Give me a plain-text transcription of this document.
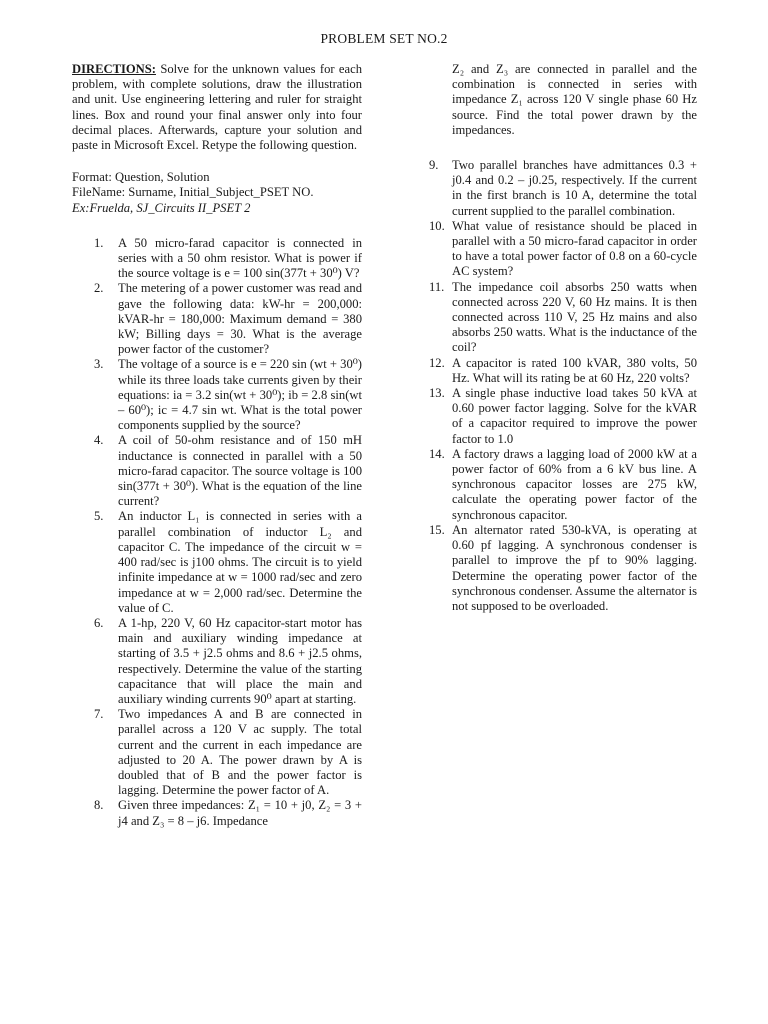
PROBLEM SET NO.2

DIRECTIONS: Solve for the unknown values for each problem, with complete solutions, draw the illustration and unit. Use engineering lettering and ruler for straight lines. Box and round your final answer only into four decimal places. Afterwards, capture your solution and paste in Microsoft Excel. Retype the following question.

Format: Question, Solution
FileName: Surname, Initial_Subject_PSET NO.
Ex:Fruelda, SJ_Circuits II_PSET 2
1. A 50 micro-farad capacitor is connected in series with a 50 ohm resistor. What is power if the source voltage is e = 100 sin(377t + 30⁰) V?
2. The metering of a power customer was read and gave the following data: kW-hr = 200,000: kVAR-hr = 180,000: Maximum demand = 380 kW; Billing days = 30. What is the average power factor of the customer?
3. The voltage of a source is e = 220 sin (wt + 30⁰) while its three loads take currents given by their equations: ia = 3.2 sin(wt + 30⁰); ib = 2.8 sin(wt – 60⁰); ic = 4.7 sin wt. What is the total power components supplied by the source?
4. A coil of 50-ohm resistance and of 150 mH inductance is connected in parallel with a 50 micro-farad capacitor. The source voltage is 100 sin(377t + 30⁰). What is the equation of the line current?
5. An inductor L₁ is connected in series with a parallel combination of inductor L₂ and capacitor C. The impedance of the circuit w = 400 rad/sec is j100 ohms. The circuit is to yield infinite impedance at w = 1000 rad/sec and zero impedance at w = 2,000 rad/sec. Determine the value of C.
6. A 1-hp, 220 V, 60 Hz capacitor-start motor has main and auxiliary winding impedance at starting of 3.5 + j2.5 ohms and 8.6 + j2.5 ohms, respectively. Determine the value of the starting capacitance that will place the main and auxiliary winding currents 90⁰ apart at starting.
7. Two impedances A and B are connected in parallel across a 120 V ac supply. The total current and the current in each impedance are adjusted to 20 A. The power drawn by A is doubled that of B and the power factor is lagging. Determine the power factor of A.
8. Given three impedances: Z₁ = 10 + j0, Z₂ = 3 + j4 and Z₃ = 8 – j6. Impedance
Z₂ and Z₃ are connected in parallel and the combination is connected in series with impedance Z₁ across 120 V single phase 60 Hz source. Find the total power drawn by the impedances.
9. Two parallel branches have admittances 0.3 + j0.4 and 0.2 – j0.25, respectively. If the current in the first branch is 10 A, determine the total current supplied to the parallel combination.
10. What value of resistance should be placed in parallel with a 50 micro-farad capacitor in order to have a total power factor of 0.8 on a 60-cycle AC system?
11. The impedance coil absorbs 250 watts when connected across 220 V, 60 Hz mains. It is then connected across 110 V, 25 Hz mains and also absorbs 250 watts. What is the inductance of the coil?
12. A capacitor is rated 100 kVAR, 380 volts, 50 Hz. What will its rating be at 60 Hz, 220 volts?
13. A single phase inductive load takes 50 kVA at 0.60 power factor lagging. Solve for the kVAR of a capacitor required to improve the power factor to 1.0
14. A factory draws a lagging load of 2000 kW at a power factor of 60% from a 6 kV bus line. A synchronous capacitor losses are 275 kW, calculate the operating power factor of the synchronous capacitor.
15. An alternator rated 530-kVA, is operating at 0.60 pf lagging. A synchronous condenser is parallel to improve the pf to 90% lagging. Determine the operating power factor of the synchronous condenser. Assume the alternator is not supposed to be overloaded.
